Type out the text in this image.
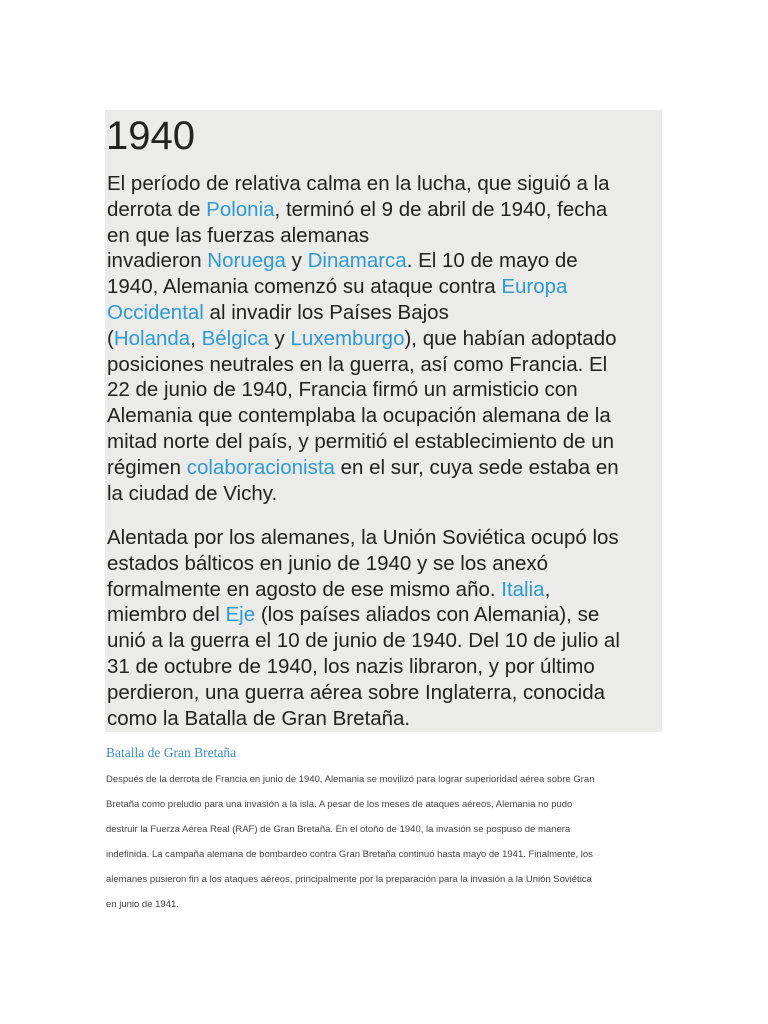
1940

El período de relativa calma en la lucha, que siguió a la
derrota de Polonia, terminó el 9 de abril de 1940, fecha
en que las fuerzas alemanas
invadieron Noruega y Dinamarca. El 10 de mayo de
1940, Alemania comenzó su ataque contra Europa
Occidental al invadir los Países Bajos
(Holanda, Bélgica y Luxemburgo), que habían adoptado
posiciones neutrales en la guerra, así como Francia. El
22 de junio de 1940, Francia firmó un armisticio con
Alemania que contemplaba la ocupación alemana de la
mitad norte del país, y permitió el establecimiento de un
régimen colaboracionista en el sur, cuya sede estaba en
la ciudad de Vichy.

Alentada por los alemanes, la Unión Soviética ocupó los
estados bálticos en junio de 1940 y se los anexó
formalmente en agosto de ese mismo año. Italia,
miembro del Eje (los países aliados con Alemania), se
unió a la guerra el 10 de junio de 1940. Del 10 de julio al
31 de octubre de 1940, los nazis libraron, y por último
perdieron, una guerra aérea sobre Inglaterra, conocida
como la Batalla de Gran Bretaña.

Batalla de Gran Bretaña

Después de la derrota de Francia en junio de 1940, Alemania se movilizó para lograr superioridad aérea sobre Gran
Bretaña como preludio para una invasión a la isla. A pesar de los meses de ataques aéreos, Alemania no pudo
destruir la Fuerza Aérea Real (RAF) de Gran Bretaña. En el otoño de 1940, la invasión se pospuso de manera
indefinida. La campaña alemana de bombardeo contra Gran Bretaña continuó hasta mayo de 1941. Finalmente, los
alemanes pusieron fin a los ataques aéreos, principalmente por la preparación para la invasión a la Unión Soviética
en junio de 1941.
